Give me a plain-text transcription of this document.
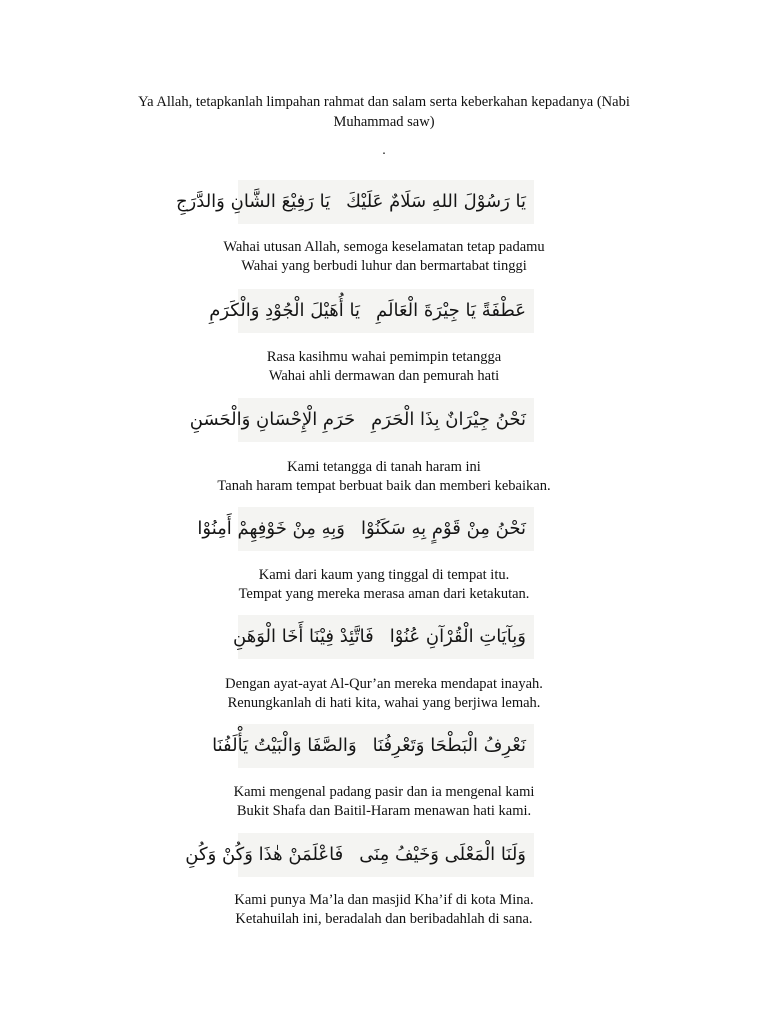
Ya Allah, tetapkanlah limpahan rahmat dan salam serta keberkahan kepadanya (Nabi Muhammad saw)
.
يَا رَسُوْلَ اللهِ سَلَامٌ عَلَيْكَ
يَا رَفِيْعَ الشَّانِ وَالدَّرَجِ
Wahai utusan Allah, semoga keselamatan tetap padamu
Wahai yang berbudi luhur dan bermartabat tinggi
عَطْفَةً يَا جِيْرَةَ الْعَالَمِ
يَا أُهَيْلَ الْجُوْدِ وَالْكَرَمِ
Rasa kasihmu wahai pemimpin tetangga
Wahai ahli dermawan dan pemurah hati
نَحْنُ جِيْرَانٌ بِذَا الْحَرَمِ
حَرَمِ الْإِحْسَانِ وَالْحَسَنِ
Kami tetangga di tanah haram ini
Tanah haram tempat berbuat baik dan memberi kebaikan.
نَحْنُ مِنْ قَوْمٍ بِهِ سَكَنُوْا
وَبِهِ مِنْ خَوْفِهِمْ أَمِنُوْا
Kami dari kaum yang tinggal di tempat itu.
Tempat yang mereka merasa aman dari ketakutan.
وَبِآيَاتِ الْقُرْآنِ عُنُوْا
فَاتَّئِدْ فِيْنَا أَخَا الْوَهَنِ
Dengan ayat-ayat Al-Qur’an mereka mendapat inayah.
Renungkanlah di hati kita, wahai yang berjiwa lemah.
نَعْرِفُ الْبَطْحَا وَتَعْرِفُنَا
وَالصَّفَا وَالْبَيْتُ يَأْلَفُنَا
Kami mengenal padang pasir dan ia mengenal kami
Bukit Shafa dan Baitil-Haram menawan hati kami.
وَلَنَا الْمَعْلَى وَخَيْفُ مِنَى
فَاعْلَمَنْ هٰذَا وَكُنْ وَكُنِ
Kami punya Ma’la dan masjid Kha’if di kota Mina.
Ketahuilah ini, beradalah dan beribadahlah di sana.
